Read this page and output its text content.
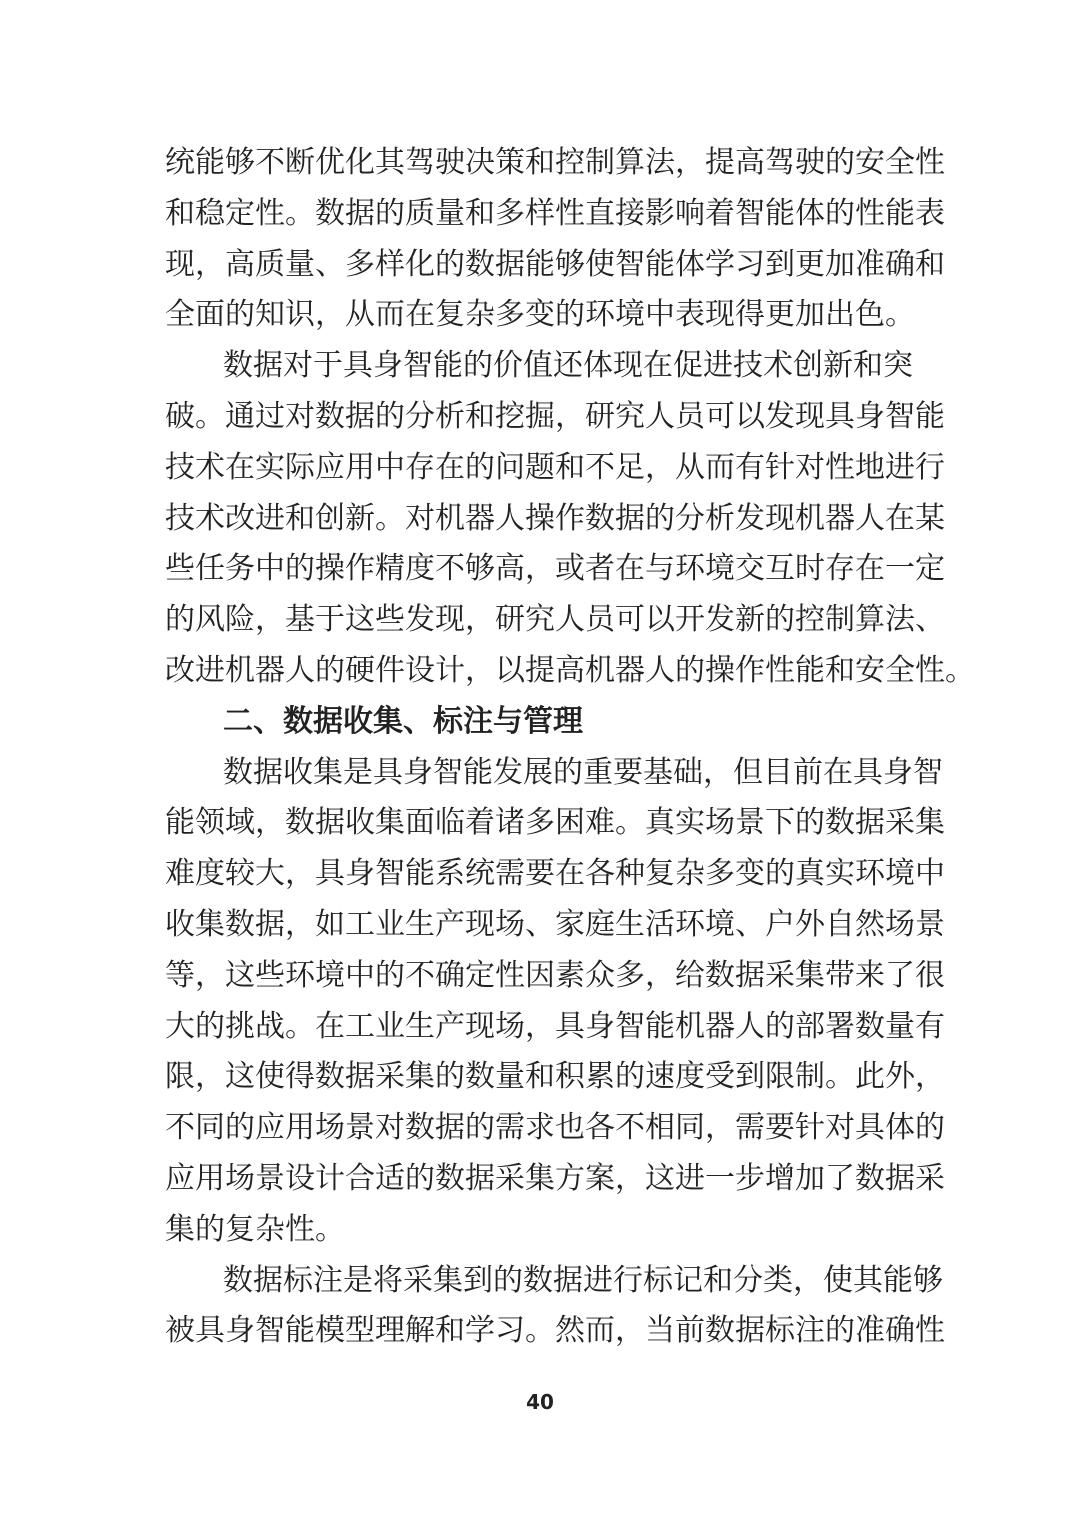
统能够不断优化其驾驶决策和控制算法，提高驾驶的安全性
和稳定性。数据的质量和多样性直接影响着智能体的性能表
现，高质量、多样化的数据能够使智能体学习到更加准确和
全面的知识，从而在复杂多变的环境中表现得更加出色。
数据对于具身智能的价值还体现在促进技术创新和突
破。通过对数据的分析和挖掘，研究人员可以发现具身智能
技术在实际应用中存在的问题和不足，从而有针对性地进行
技术改进和创新。对机器人操作数据的分析发现机器人在某
些任务中的操作精度不够高，或者在与环境交互时存在一定
的风险，基于这些发现，研究人员可以开发新的控制算法、
改进机器人的硬件设计，以提高机器人的操作性能和安全性。
二、数据收集、标注与管理
数据收集是具身智能发展的重要基础，但目前在具身智
能领域，数据收集面临着诸多困难。真实场景下的数据采集
难度较大，具身智能系统需要在各种复杂多变的真实环境中
收集数据，如工业生产现场、家庭生活环境、户外自然场景
等，这些环境中的不确定性因素众多，给数据采集带来了很
大的挑战。在工业生产现场，具身智能机器人的部署数量有
限，这使得数据采集的数量和积累的速度受到限制。此外，
不同的应用场景对数据的需求也各不相同，需要针对具体的
应用场景设计合适的数据采集方案，这进一步增加了数据采
集的复杂性。
数据标注是将采集到的数据进行标记和分类，使其能够
被具身智能模型理解和学习。然而，当前数据标注的准确性
40
